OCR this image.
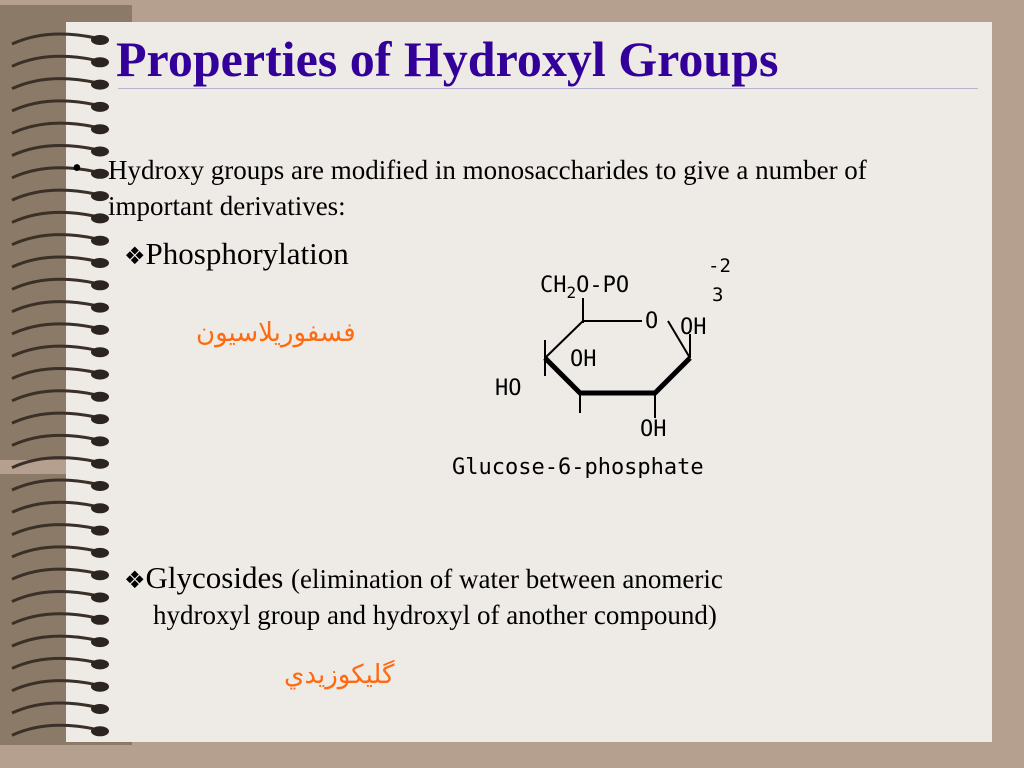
Properties of Hydroxyl Groups
• Hydroxy groups are modified in monosaccharides to give a number of important derivatives:
❖Phosphorylation
فسفوريلاسيون
$CH_2O-PO$
-2
3
O OH
OH
HO
OH
Glucose-6-phosphate
❖Glycosides (elimination of water between anomeric
hydroxyl group and hydroxyl of another compound)
گليكوزيدي
